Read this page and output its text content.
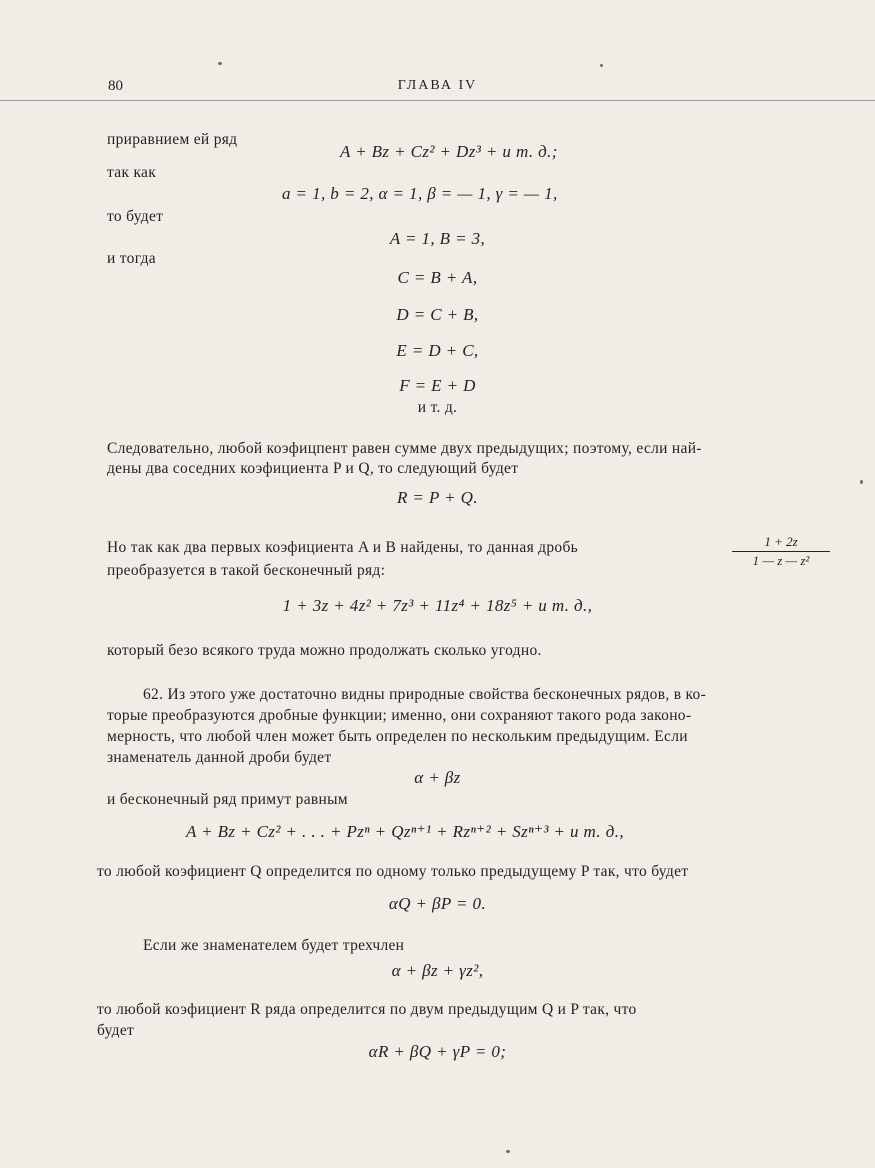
80	ГЛАВА IV
приравнием ей ряд
A + Bz + Cz² + Dz³ + и т. д.;
так как
a = 1, b = 2, α = 1, β = — 1, γ = — 1,
то будет
A = 1, B = 3,
и тогда
C = B + A,
D = C + B,
E = D + C,
F = E + D
и т. д.
Следовательно, любой коэфицпент равен сумме двух предыдущих; поэтому, если най-
дены два соседних коэфициента P и Q, то следующий будет
R = P + Q.
Но так как два первых коэфициента A и B найдены, то данная дробь	$\frac{1 + 2z}{\text{1 — z — z²}}$
преобразуется в такой бесконечный ряд:
1 + 3z + 4z² + 7z³ + 11z⁴ + 18z⁵ + и т. д.,
который безо всякого труда можно продолжать сколько угодно.
62. Из этого уже достаточно видны природные свойства бесконечных рядов, в ко-
торые преобразуются дробные функции; именно, они сохраняют такого рода законо-
мерность, что любой член может быть определен по нескольким предыдущим. Если
знаменатель данной дроби будет
α + βz
и бесконечный ряд примут равным
A + Bz + Cz² + . . . + Pzⁿ + Qzⁿ⁺¹ + Rzⁿ⁺² + Szⁿ⁺³ + и т. д.,
то любой коэфициент Q определится по одному только предыдущему P так, что будет
αQ + βP = 0.
Если же знаменателем будет трехчлен
α + βz + γz²,
то любой коэфициент R ряда определится по двум предыдущим Q и P так, что
будет
αR + βQ + γP = 0;
